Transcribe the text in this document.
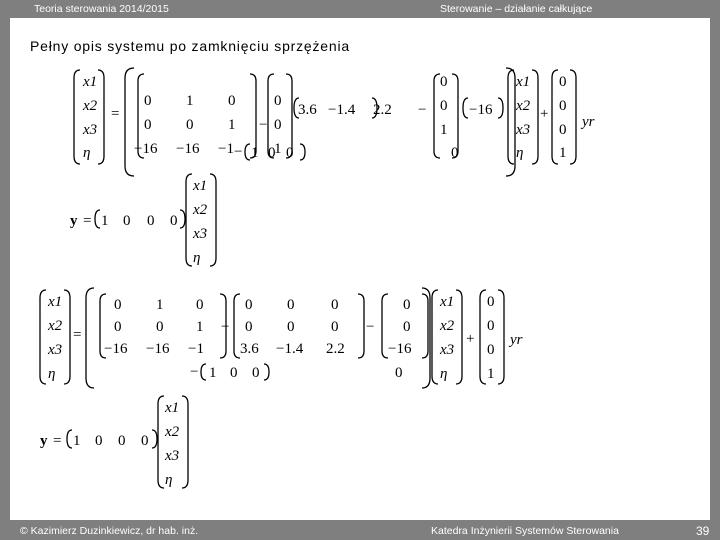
Teoria sterowania 2014/2015	Sterowanie – działanie całkujące
Pełny opis systemu po zamknięciu sprzężenia
x1
x2
x3
η
=
0 1 0
0 0 1
−16 −16 −1
−
0
0
1
3.6 −1.4 2.2
− 1 0 0
−
0
0
1
−16
0
x1
x2
x3
η
+
0
0
0
1
yr
y = 1 0 0 0
x1
x2
x3
η
x1
x2
x3
η
=
0 1 0
0 0 1
−16 −16 −1
−
0 0 0
0 0 0
3.6 −1.4 2.2
− 1 0 0
−
0
0
−16
0
x1
x2
x3
η
+
0
0
0
1
yr
y = 1 0 0 0
x1
x2
x3
η
© Kazimierz Duzinkiewicz, dr hab. inż.	Katedra Inżynierii Systemów Sterowania	39
